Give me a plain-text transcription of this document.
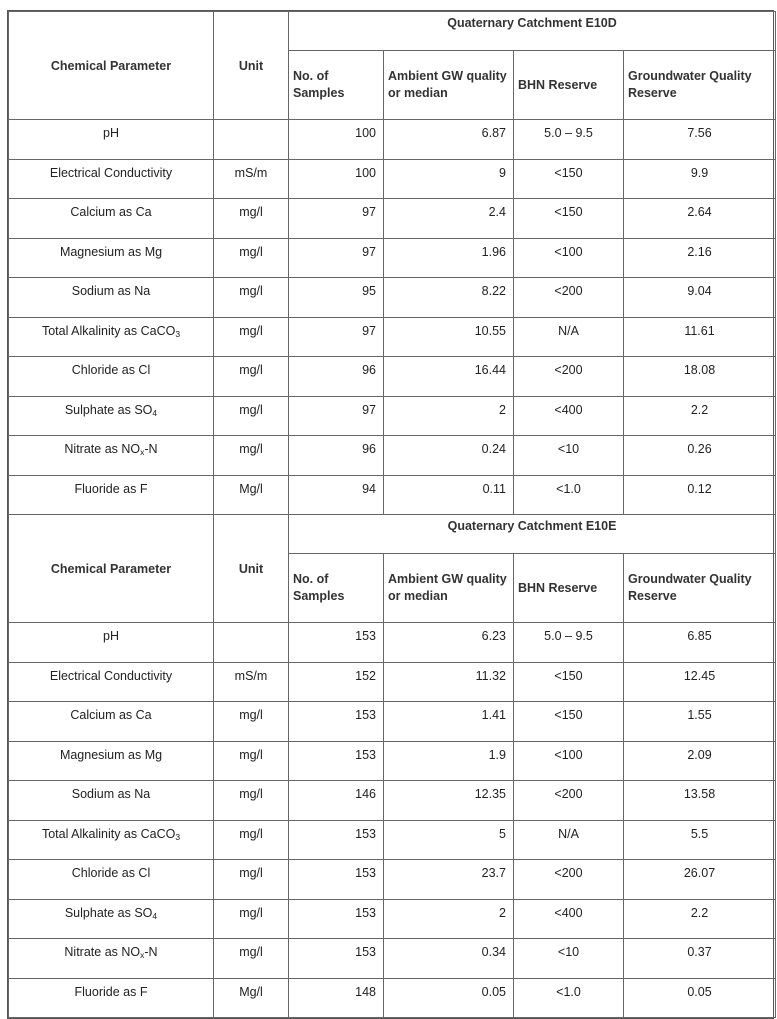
Chemical Parameter	Unit	Quaternary Catchment E10D			
		No. of Samples	Ambient GW quality or median	BHN Reserve	Groundwater Quality Reserve
pH		100	6.87	5.0 – 9.5	7.56
Electrical Conductivity	mS/m	100	9	<150	9.9
Calcium as Ca	mg/l	97	2.4	<150	2.64
Magnesium as Mg	mg/l	97	1.96	<100	2.16
Sodium as Na	mg/l	95	8.22	<200	9.04
Total Alkalinity as CaCO$_3$	mg/l	97	10.55	N/A	11.61
Chloride as Cl	mg/l	96	16.44	<200	18.08
Sulphate as $SO_4$	mg/l	97	2	<400	2.2
Nitrate as $NO_x-N$	mg/l	96	0.24	<10	0.26
Fluoride as F	Mg/l	94	0.11	<1.0	0.12
Chemical Parameter	Unit	Quaternary Catchment E10E			
		No. of Samples	Ambient GW quality or median	BHN Reserve	Groundwater Quality Reserve
pH		153	6.23	5.0 – 9.5	6.85
Electrical Conductivity	mS/m	152	11.32	<150	12.45
Calcium as Ca	mg/l	153	1.41	<150	1.55
Magnesium as Mg	mg/l	153	1.9	<100	2.09
Sodium as Na	mg/l	146	12.35	<200	13.58
Total Alkalinity as CaCO$_3$	mg/l	153	5	N/A	5.5
Chloride as Cl	mg/l	153	23.7	<200	26.07
Sulphate as $SO_4$	mg/l	153	2	<400	2.2
Nitrate as $NO_x-N$	mg/l	153	0.34	<10	0.37
Fluoride as F	Mg/l	148	0.05	<1.0	0.05
